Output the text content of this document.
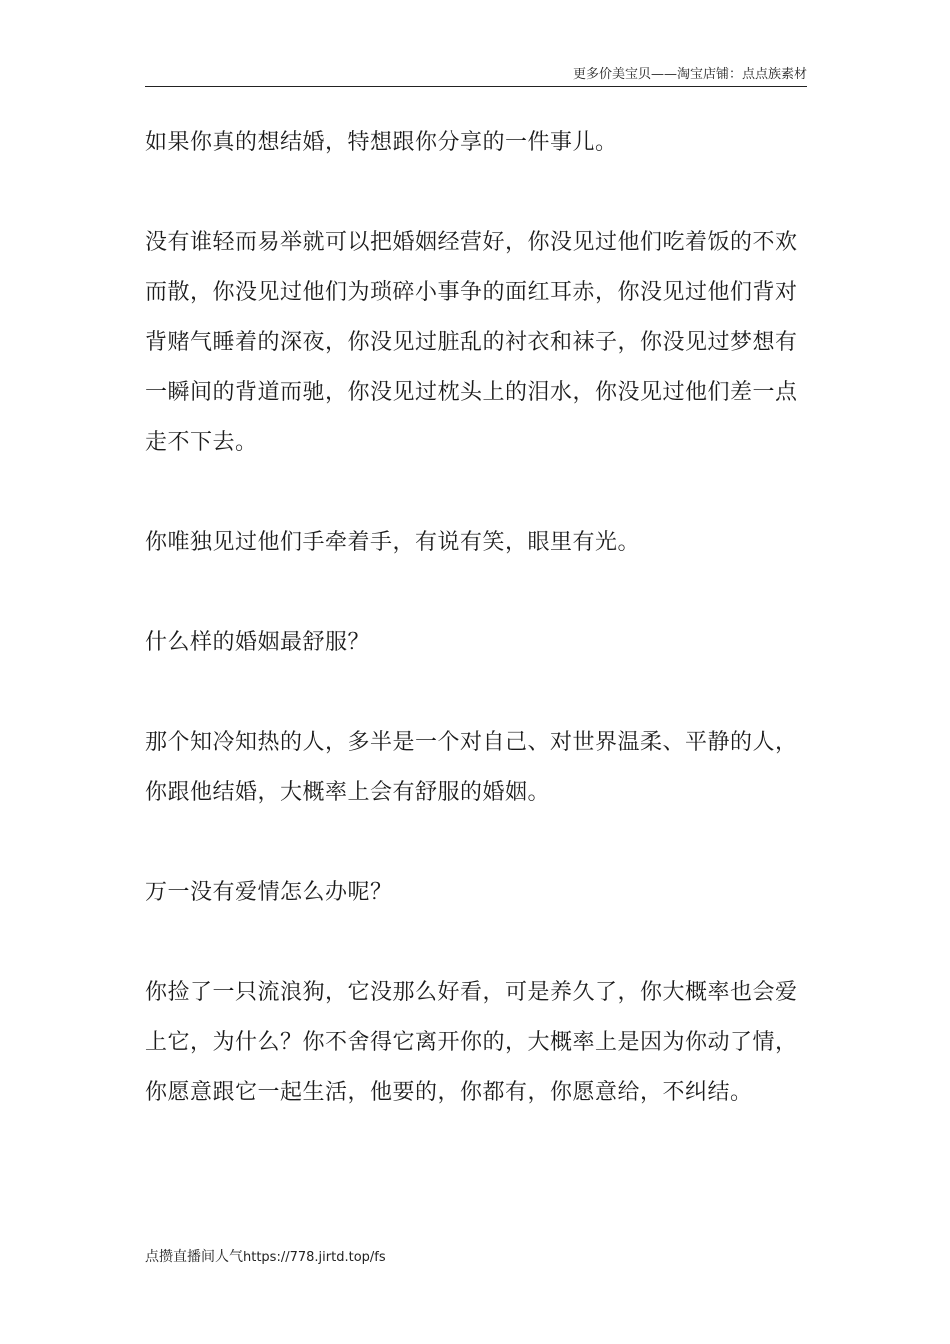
更多价美宝贝——淘宝店铺：点点族素材

如果你真的想结婚，特想跟你分享的一件事儿。

没有谁轻而易举就可以把婚姻经营好，你没见过他们吃着饭的不欢而散，你没见过他们为琐碎小事争的面红耳赤，你没见过他们背对背赌气睡着的深夜，你没见过脏乱的衬衣和袜子，你没见过梦想有一瞬间的背道而驰，你没见过枕头上的泪水，你没见过他们差一点走不下去。

你唯独见过他们手牵着手，有说有笑，眼里有光。

什么样的婚姻最舒服？

那个知冷知热的人，多半是一个对自己、对世界温柔、平静的人，你跟他结婚，大概率上会有舒服的婚姻。

万一没有爱情怎么办呢？

你捡了一只流浪狗，它没那么好看，可是养久了，你大概率也会爱上它，为什么？你不舍得它离开你的，大概率上是因为你动了情，你愿意跟它一起生活，他要的，你都有，你愿意给，不纠结。

点攒直播间人气https://778.jirtd.top/fs
